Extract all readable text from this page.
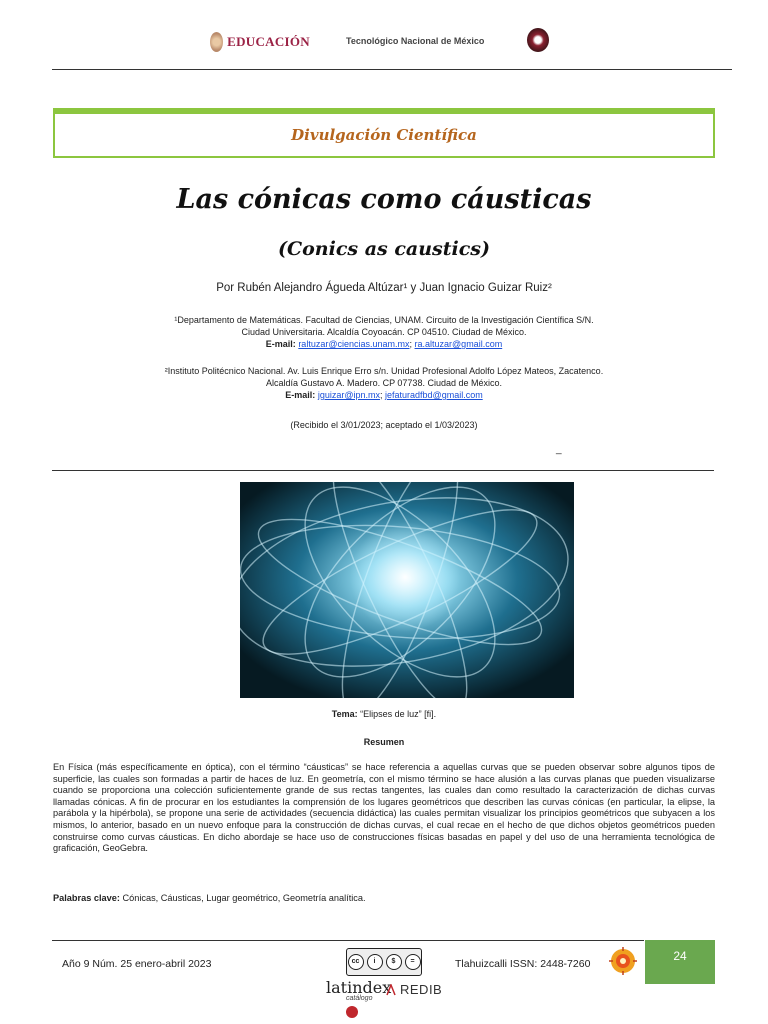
EDUCACIÓN	Tecnológico Nacional de México
Divulgación Científica
Las cónicas como cáusticas
(Conics as caustics)
Por Rubén Alejandro Águeda Altúzar¹ y Juan Ignacio Guizar Ruiz²
¹Departamento de Matemáticas. Facultad de Ciencias, UNAM. Circuito de la Investigación Científica S/N.
Ciudad Universitaria. Alcaldía Coyoacán. CP 04510. Ciudad de México.
E-mail: raltuzar@ciencias.unam.mx; ra.altuzar@gmail.com
²Instituto Politécnico Nacional. Av. Luis Enrique Erro s/n. Unidad Profesional Adolfo López Mateos, Zacatenco.
Alcaldía Gustavo A. Madero. CP 07738. Ciudad de México.
E-mail: jguizar@ipn.mx; jefaturadfbd@gmail.com
(Recibido el 3/01/2023; aceptado el 1/03/2023)
_
Tema: “Elipses de luz” [fi].
Resumen
En Física (más específicamente en óptica), con el término “cáusticas” se hace referencia a aquellas curvas que se pueden observar sobre algunos tipos de superficie, las cuales son formadas a partir de haces de luz. En geometría, con el mismo término se hace alusión a las curvas planas que pueden visualizarse cuando se proporciona una colección suficientemente grande de sus rectas tangentes, las cuales dan como resultado la caracterización de dichas curvas llamadas cónicas. A fin de procurar en los estudiantes la comprensión de los lugares geométricos que describen las curvas cónicas (en particular, la elipse, la parábola y la hipérbola), se propone una serie de actividades (secuencia didáctica) las cuales permitan visualizar los principios geométricos que subyacen a los mismos, lo anterior, basado en un nuevo enfoque para la construcción de dichas curvas, el cual recae en el hecho de que dichos objetos geométricos pueden construirse como curvas cáusticas. En dicho abordaje se hace uso de construcciones físicas basadas en papel y del uso de una herramienta tecnológica de graficación, GeoGebra.
Palabras clave: Cónicas, Cáusticas, Lugar geométrico, Geometría analítica.
Año 9 Núm. 25 enero-abril 2023	cc	i	$	=
latindex
catálogo
REDIB
Tlahuizcalli ISSN: 2448-7260
24
